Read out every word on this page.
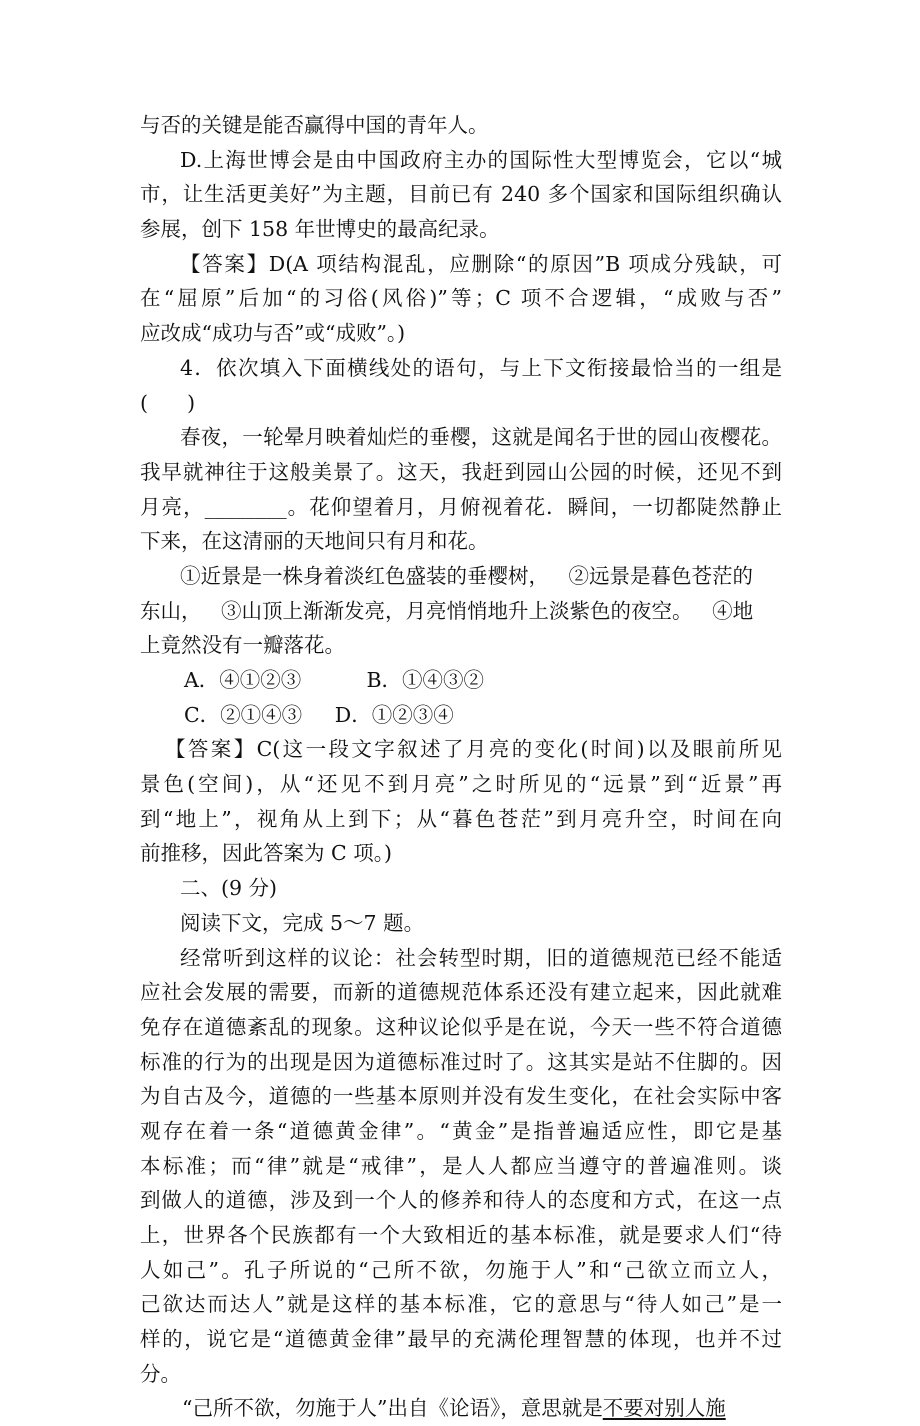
与否的关键是能否赢得中国的青年人。
D.上海世博会是由中国政府主办的国际性大型博览会，它以“城
市，让生活更美好”为主题，目前已有 240 多个国家和国际组织确认
参展，创下 158 年世博史的最高纪录。
【答案】D(A 项结构混乱，应删除“的原因”B 项成分残缺，可
在“屈原”后加“的习俗(风俗)”等；C 项不合逻辑，“成败与否”
应改成“成功与否”或“成败”。)
4．依次填入下面横线处的语句，与上下文衔接最恰当的一组是
(      )
春夜，一轮晕月映着灿烂的垂樱，这就是闻名于世的园山夜樱花。
我早就神往于这般美景了。这天，我赶到园山公园的时候，还见不到
月亮，________。花仰望着月，月俯视着花．瞬间，一切都陡然静止
下来，在这清丽的天地间只有月和花。
①近景是一株身着淡红色盛装的垂樱树，   ②远景是暮色苍茫的
东山，   ③山顶上渐渐发亮，月亮悄悄地升上淡紫色的夜空。   ④地
上竟然没有一瓣落花。
A．④①②③          B．①④③②
C．②①④③     D．①②③④
【答案】C(这一段文字叙述了月亮的变化(时间)以及眼前所见
景色(空间)，从“还见不到月亮”之时所见的“远景”到“近景”再
到“地上”，视角从上到下；从“暮色苍茫”到月亮升空，时间在向
前推移，因此答案为 C 项。)
二、(9 分)
阅读下文，完成 5～7 题。
经常听到这样的议论：社会转型时期，旧的道德规范已经不能适
应社会发展的需要，而新的道德规范体系还没有建立起来，因此就难
免存在道德紊乱的现象。这种议论似乎是在说，今天一些不符合道德
标准的行为的出现是因为道德标准过时了。这其实是站不住脚的。因
为自古及今，道德的一些基本原则并没有发生变化，在社会实际中客
观存在着一条“道德黄金律”。“黄金”是指普遍适应性，即它是基
本标准；而“律”就是“戒律”，是人人都应当遵守的普遍准则。谈
到做人的道德，涉及到一个人的修养和待人的态度和方式，在这一点
上，世界各个民族都有一个大致相近的基本标准，就是要求人们“待
人如己”。孔子所说的“己所不欲，勿施于人”和“己欲立而立人，
己欲达而达人”就是这样的基本标准，它的意思与“待人如己”是一
样的，说它是“道德黄金律”最早的充满伦理智慧的体现，也并不过
分。
“己所不欲，勿施于人”出自《论语》，意思就是不要对别人施
